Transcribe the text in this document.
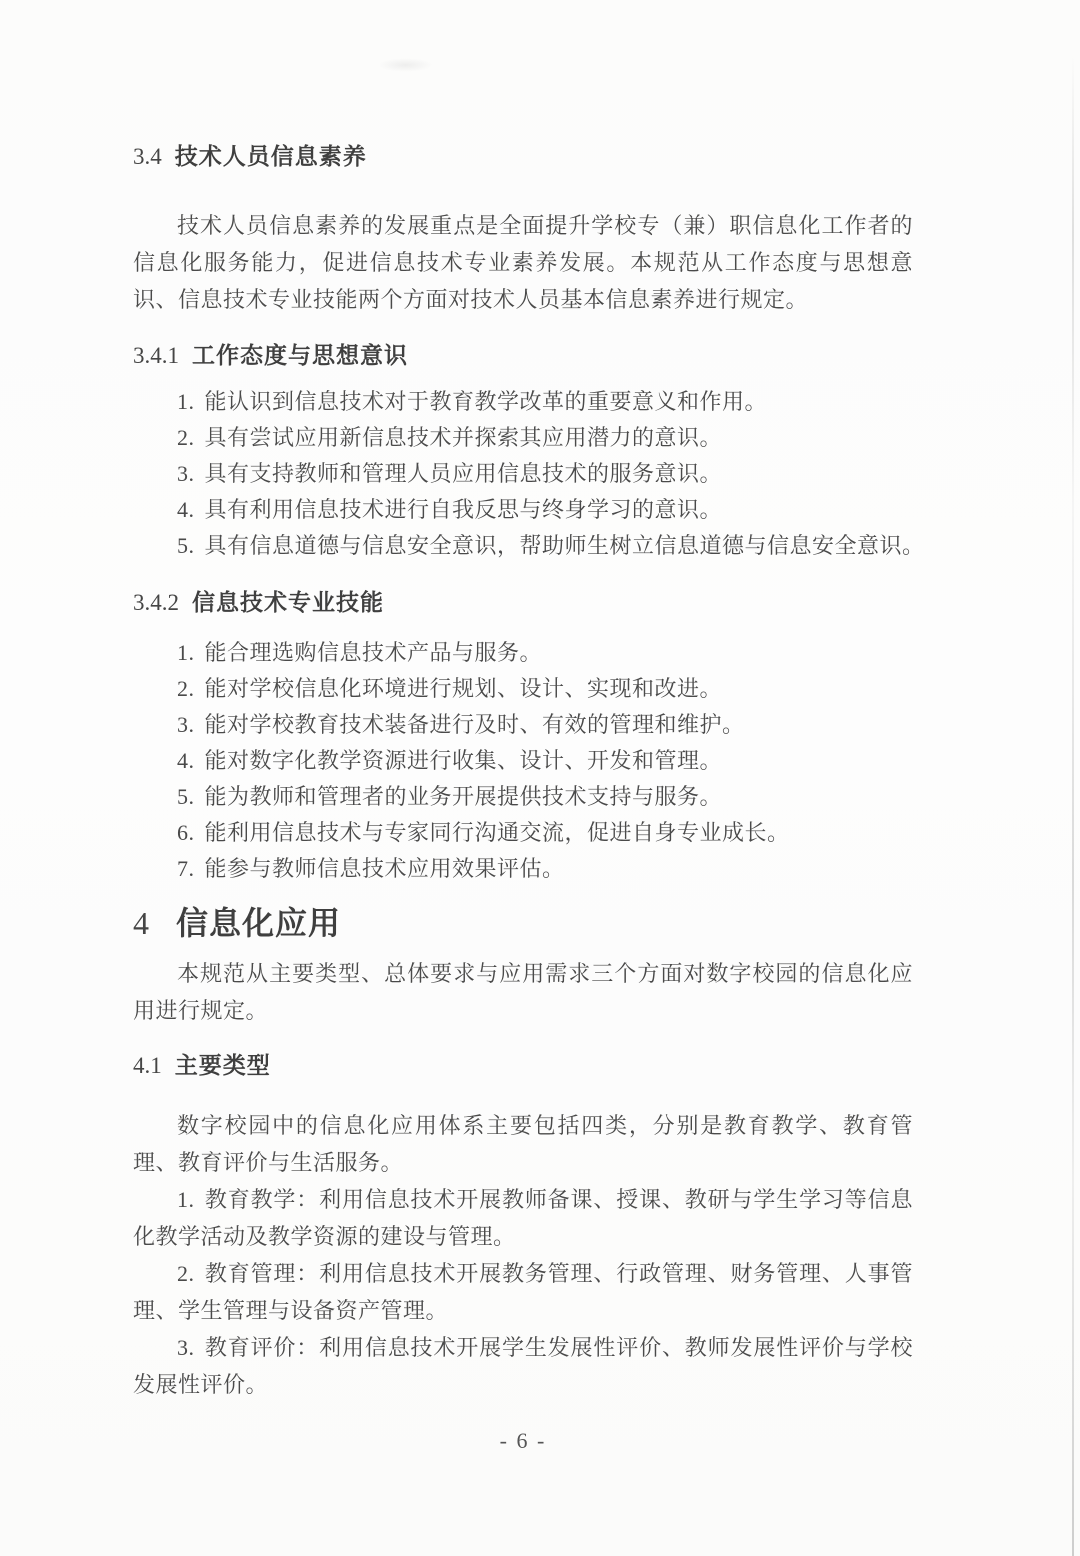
3.4 技术人员信息素养

技术人员信息素养的发展重点是全面提升学校专（兼）职信息化工作者的信息化服务能力，促进信息技术专业素养发展。本规范从工作态度与思想意识、信息技术专业技能两个方面对技术人员基本信息素养进行规定。

3.4.1 工作态度与思想意识

1. 能认识到信息技术对于教育教学改革的重要意义和作用。

2. 具有尝试应用新信息技术并探索其应用潜力的意识。

3. 具有支持教师和管理人员应用信息技术的服务意识。

4. 具有利用信息技术进行自我反思与终身学习的意识。

5. 具有信息道德与信息安全意识，帮助师生树立信息道德与信息安全意识。

3.4.2 信息技术专业技能

1. 能合理选购信息技术产品与服务。

2. 能对学校信息化环境进行规划、设计、实现和改进。

3. 能对学校教育技术装备进行及时、有效的管理和维护。

4. 能对数字化教学资源进行收集、设计、开发和管理。

5. 能为教师和管理者的业务开展提供技术支持与服务。

6. 能利用信息技术与专家同行沟通交流，促进自身专业成长。

7. 能参与教师信息技术应用效果评估。

4 信息化应用

本规范从主要类型、总体要求与应用需求三个方面对数字校园的信息化应用进行规定。

4.1 主要类型

数字校园中的信息化应用体系主要包括四类，分别是教育教学、教育管理、教育评价与生活服务。

1. 教育教学：利用信息技术开展教师备课、授课、教研与学生学习等信息化教学活动及教学资源的建设与管理。

2. 教育管理：利用信息技术开展教务管理、行政管理、财务管理、人事管理、学生管理与设备资产管理。

3. 教育评价：利用信息技术开展学生发展性评价、教师发展性评价与学校发展性评价。

- 6 -
